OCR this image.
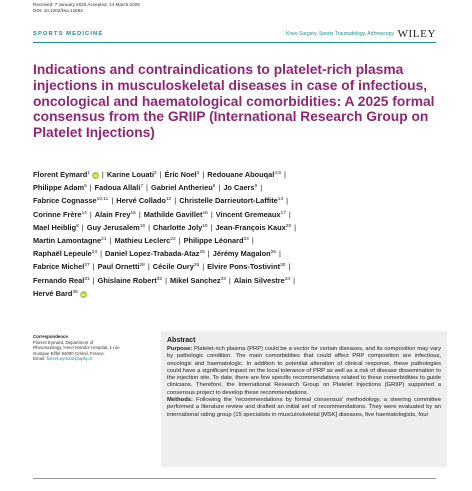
Received: 7 January 2025 Accepted: 14 March 2025
DOI: 10.1002/ksa.12682
SPORTS MEDICINE	Knee Surgery, Sports Traumatology, Arthroscopy WILEY
Indications and contraindications to platelet-rich plasma injections in musculoskeletal diseases in case of infectious, oncological and haematological comorbidities: A 2025 formal consensus from the GRIIP (International Research Group on Platelet Injections)
Florent Eymard$^1$ iD | Karine Louati$^2$ | Éric Noel$^3$ | Redouane Abouqal$^{4,5}$ |
Philippe Adam$^6$ | Fadoua Allali$^7$ | Gabriel Antherieu$^8$ | Jo Caers$^9$ |
Fabrice Cognasse$^{10,11}$ | Hervé Collado$^{12}$ | Christelle Darrieutort-Laffite$^{13}$ |
Corinne Frère$^{14}$ | Alain Frey$^{15}$ | Mathilde Gavillet$^{16}$ | Vincent Gremeaux$^{17}$ |
Mael Heiblig$^8$ | Guy Jerusalem$^{18}$ | Charlotte Joly$^{19}$ | Jean-François Kaux$^{20}$ |
Martin Lamontagne$^{21}$ | Mathieu Leclerc$^{22}$ | Philippe Léonard$^{23}$ |
Raphaël Lepeule$^{24}$ | Daniel Lopez-Trabada-Ataz$^{25}$ | Jérémy Magalon$^{26}$ |
Fabrice Michel$^{27}$ | Paul Ornetti$^{28}$ | Cécile Oury$^{29}$ | Elvire Pons-Tostivint$^{30}$ |
Fernando Real$^{31}$ | Ghislaine Robert$^{32}$ | Mikel Sanchez$^{33}$ | Alain Silvestre$^{34}$ |
Hervé Bard$^{35}$ iD
Correspondence
Florent Eymard, Department of
Rheumatology, Henri Mondor Hospital, 1 rue
Gustave Eiffel 94000 Créteil, France.
Email: florent.eymard@aphp.fr
Abstract

Purpose: Platelet-rich plasma (PRP) could be a vector for certain diseases, and its composition may vary by pathologic condition. The main comorbidities that could affect PRP composition are infectious, oncologic and haematologic. In addition to potential alteration of clinical response, these pathologies could have a significant impact on the local tolerance of PRP as well as a risk of disease dissemination to the injection site. To date, there are few specific recommendations related to these comorbidities to guide clinicians. Therefore, the International Research Group on Platelet Injections (GRIIP) supported a consensus project to develop these recommendations.

Methods: Following the 'recommendations by formal consensus' methodology, a steering committee performed a literature review and drafted an initial set of recommendations. They were evaluated by an international rating group (15 specialists in musculoskeletal [MSK] diseases, five haematologists, four
